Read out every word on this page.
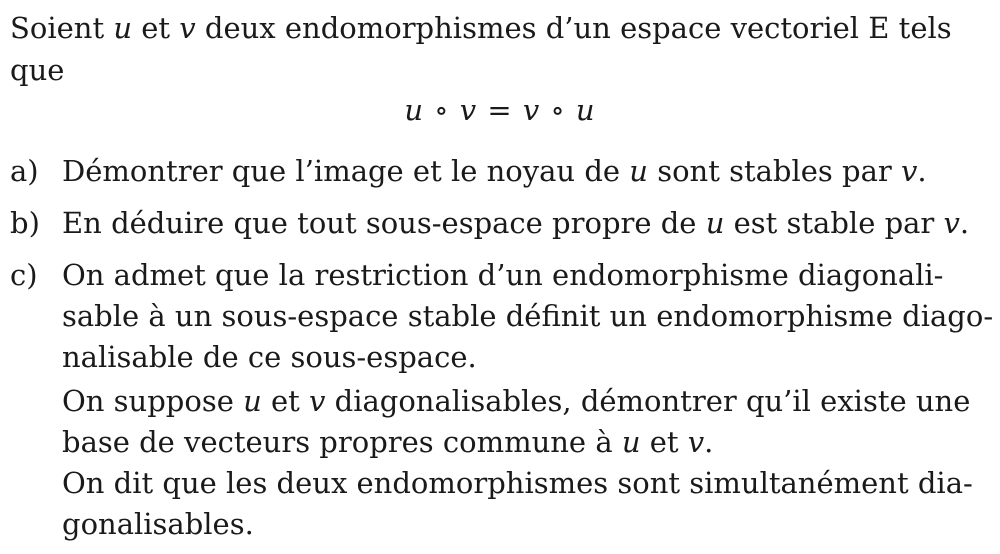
Soient u et v deux endomorphismes d’un espace vectoriel E tels
que
u ∘ v = v ∘ u
a) Démontrer que l’image et le noyau de u sont stables par v.
b) En déduire que tout sous-espace propre de u est stable par v.
c) On admet que la restriction d’un endomorphisme diagonali-
sable à un sous-espace stable définit un endomorphisme diago-
nalisable de ce sous-espace.
On suppose u et v diagonalisables, démontrer qu’il existe une
base de vecteurs propres commune à u et v.
On dit que les deux endomorphismes sont simultanément dia-
gonalisables.
